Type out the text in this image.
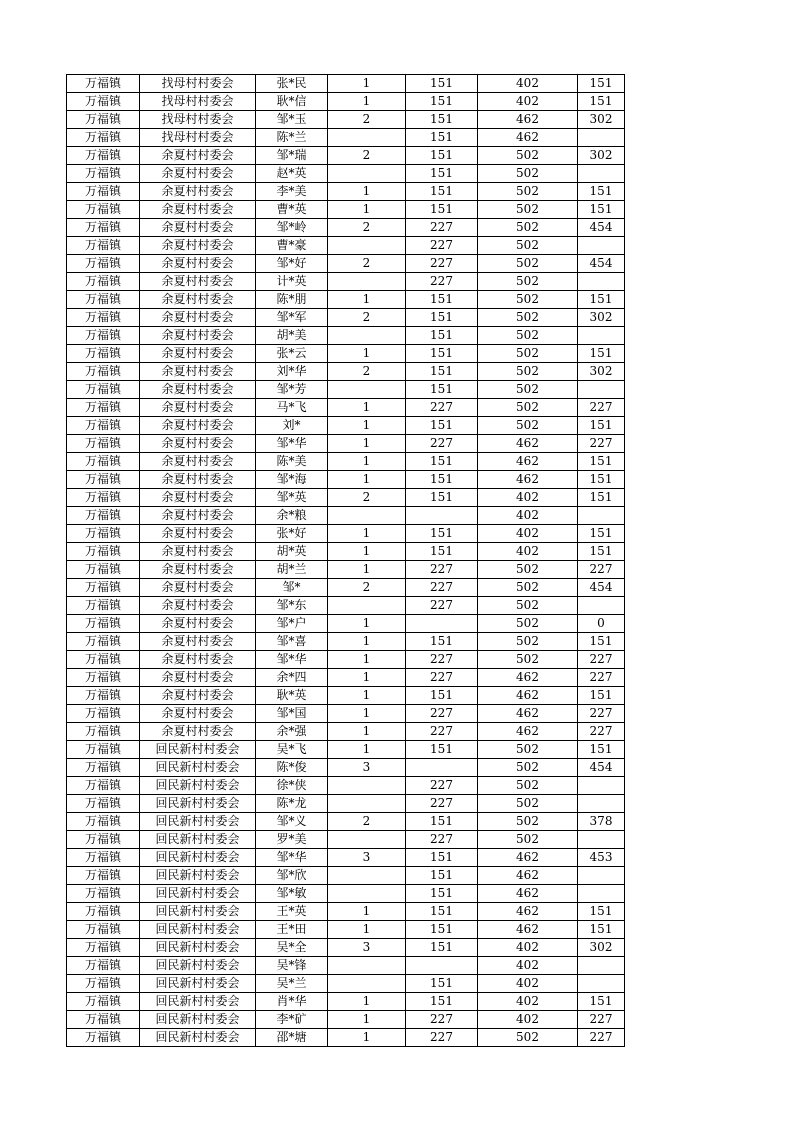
万福镇	找母村村委会	张*民	1	151	402	151
万福镇	找母村村委会	耿*信	1	151	402	151
万福镇	找母村村委会	邹*玉	2	151	462	302
万福镇	找母村村委会	陈*兰		151	462	
万福镇	余夏村村委会	邹*瑞	2	151	502	302
万福镇	余夏村村委会	赵*英		151	502	
万福镇	余夏村村委会	李*美	1	151	502	151
万福镇	余夏村村委会	曹*英	1	151	502	151
万福镇	余夏村村委会	邹*岭	2	227	502	454
万福镇	余夏村村委会	曹*豪		227	502	
万福镇	余夏村村委会	邹*好	2	227	502	454
万福镇	余夏村村委会	计*英		227	502	
万福镇	余夏村村委会	陈*朋	1	151	502	151
万福镇	余夏村村委会	邹*军	2	151	502	302
万福镇	余夏村村委会	胡*美		151	502	
万福镇	余夏村村委会	张*云	1	151	502	151
万福镇	余夏村村委会	刘*华	2	151	502	302
万福镇	余夏村村委会	邹*芳		151	502	
万福镇	余夏村村委会	马*飞	1	227	502	227
万福镇	余夏村村委会	刘*	1	151	502	151
万福镇	余夏村村委会	邹*华	1	227	462	227
万福镇	余夏村村委会	陈*美	1	151	462	151
万福镇	余夏村村委会	邹*海	1	151	462	151
万福镇	余夏村村委会	邹*英	2	151	402	151
万福镇	余夏村村委会	余*粮			402	
万福镇	余夏村村委会	张*好	1	151	402	151
万福镇	余夏村村委会	胡*英	1	151	402	151
万福镇	余夏村村委会	胡*兰	1	227	502	227
万福镇	余夏村村委会	邹*	2	227	502	454
万福镇	余夏村村委会	邹*东		227	502	
万福镇	余夏村村委会	邹*户	1		502	0
万福镇	余夏村村委会	邹*喜	1	151	502	151
万福镇	余夏村村委会	邹*华	1	227	502	227
万福镇	余夏村村委会	余*四	1	227	462	227
万福镇	余夏村村委会	耿*英	1	151	462	151
万福镇	余夏村村委会	邹*国	1	227	462	227
万福镇	余夏村村委会	余*强	1	227	462	227
万福镇	回民新村村委会	吴*飞	1	151	502	151
万福镇	回民新村村委会	陈*俊	3		502	454
万福镇	回民新村村委会	徐*侠		227	502	
万福镇	回民新村村委会	陈*龙		227	502	
万福镇	回民新村村委会	邹*义	2	151	502	378
万福镇	回民新村村委会	罗*美		227	502	
万福镇	回民新村村委会	邹*华	3	151	462	453
万福镇	回民新村村委会	邹*欣		151	462	
万福镇	回民新村村委会	邹*敏		151	462	
万福镇	回民新村村委会	王*英	1	151	462	151
万福镇	回民新村村委会	王*田	1	151	462	151
万福镇	回民新村村委会	吴*全	3	151	402	302
万福镇	回民新村村委会	吴*锋			402	
万福镇	回民新村村委会	吴*兰		151	402	
万福镇	回民新村村委会	肖*华	1	151	402	151
万福镇	回民新村村委会	李*矿	1	227	402	227
万福镇	回民新村村委会	邵*塘	1	227	502	227
